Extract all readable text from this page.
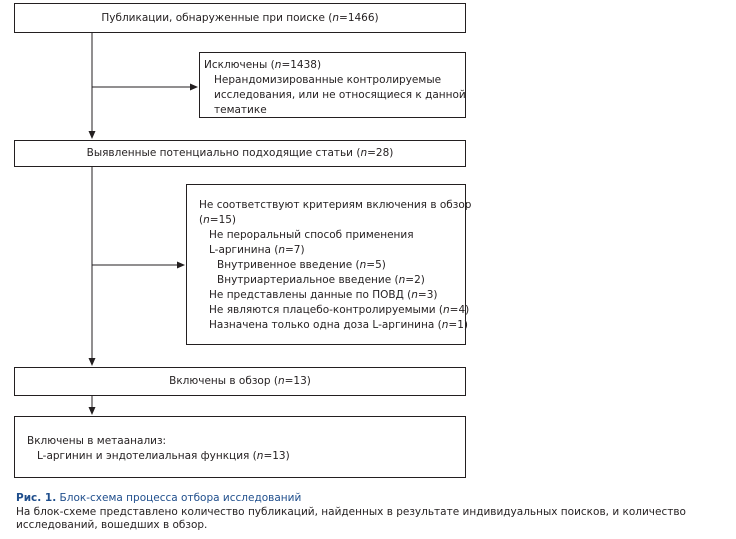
Публикации, обнаруженные при поиске (n=1466)
Исключены (n=1438)
Нерандомизированные контролируемые
исследования, или не относящиеся к данной
тематике
Выявленные потенциально подходящие статьи (n=28)
Не соответствуют критериям включения в обзор
(n=15)
Не пероральный способ применения
L-аргинина (n=7)
Внутривенное введение (n=5)
Внутриартериальное введение (n=2)
Не представлены данные по ПОВД (n=3)
Не являются плацебо-контролируемыми (n=4)
Назначена только одна доза L-аргинина (n=1)
Включены в обзор (n=13)
Включены в метаанализ:
L-аргинин и эндотелиальная функция (n=13)
Рис. 1. Блок-схема процесса отбора исследований
На блок-схеме представлено количество публикаций, найденных в результате индивидуальных поисков, и количество исследований, вошедших в обзор.
